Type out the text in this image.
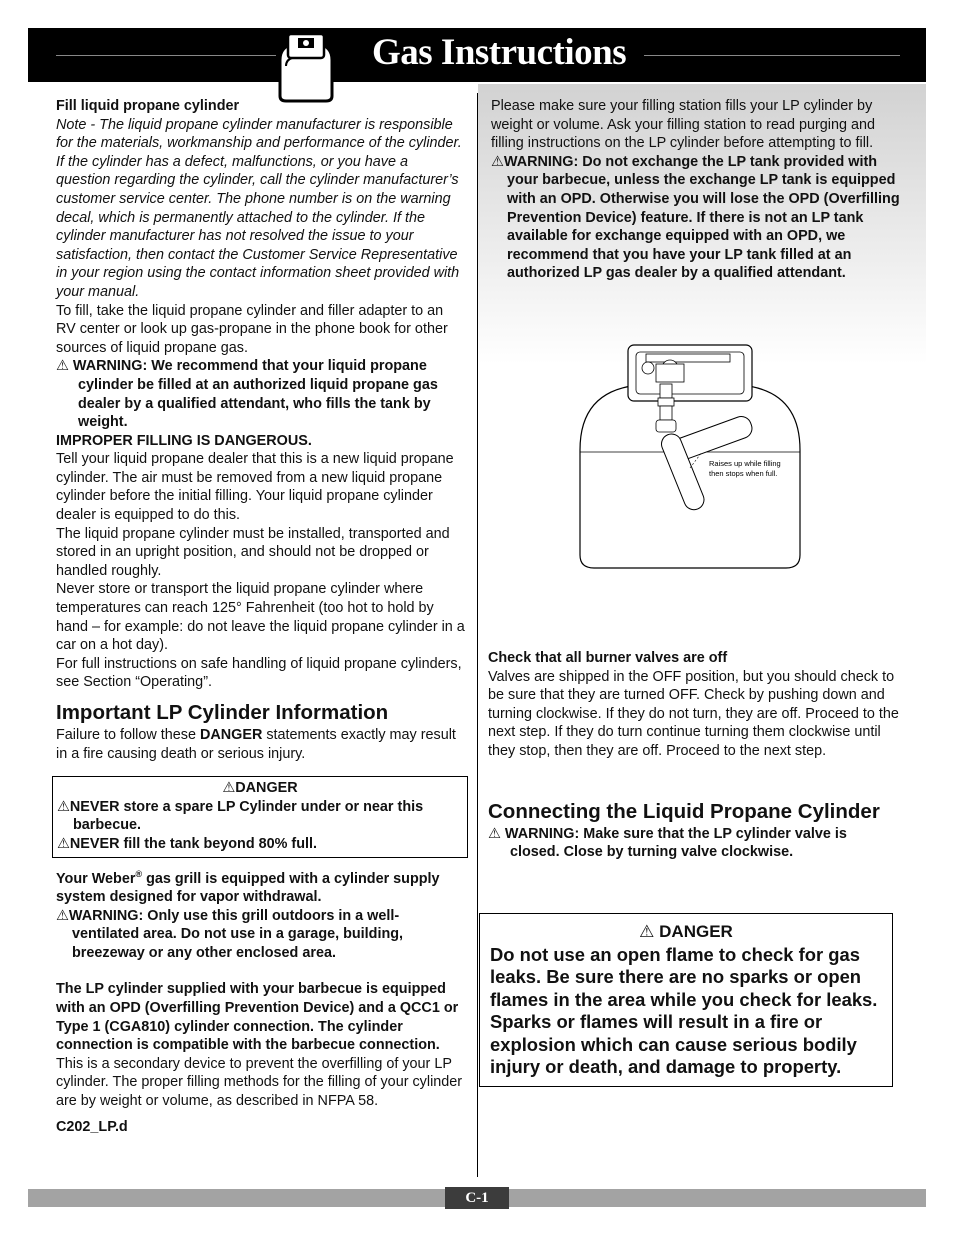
Gas Instructions

Fill liquid propane cylinder

Note - The liquid propane cylinder manufacturer is responsible for the materials, workmanship and performance of the cylinder. If the cylinder has a defect, malfunctions, or you have a question regarding the cylinder, call the cylinder manufacturer’s customer service center. The phone number is on the warning decal, which is permanently attached to the cylinder. If the cylinder manufacturer has not resolved the issue to your satisfaction, then contact the Customer Service Representative in your region using the contact information sheet provided with your manual.

To fill, take the liquid propane cylinder and filler adapter to an RV center or look up gas-propane in the phone book for other sources of liquid propane gas.

⚠ WARNING: We recommend that your liquid propane cylinder be filled at an authorized liquid propane gas dealer by a qualified attendant, who fills the tank by weight.

IMPROPER FILLING IS DANGEROUS.

Tell your liquid propane dealer that this is a new liquid propane cylinder. The air must be removed from a new liquid propane cylinder before the initial filling. Your liquid propane cylinder dealer is equipped to do this.

The liquid propane cylinder must be installed, transported and stored in an upright position, and should not be dropped or handled roughly.

Never store or transport the liquid propane cylinder where temperatures can reach 125° Fahrenheit (too hot to hold by hand – for example: do not leave the liquid propane cylinder in a car on a hot day).

For full instructions on safe handling of liquid propane cylinders, see Section “Operating”.

Important LP Cylinder Information

Failure to follow these DANGER statements exactly may result in a fire causing death or serious injury.

⚠DANGER

⚠NEVER store a spare LP Cylinder under or near this barbecue.

⚠NEVER fill the tank beyond 80% full.

Your Weber® gas grill is equipped with a cylinder supply system designed for vapor withdrawal.

⚠WARNING: Only use this grill outdoors in a well-ventilated area. Do not use in a garage, building, breezeway or any other enclosed area.

The LP cylinder supplied with your barbecue is equipped with an OPD (Overfilling Prevention Device) and a QCC1 or Type 1 (CGA810) cylinder connection. The cylinder connection is compatible with the barbecue connection.

This is a secondary device to prevent the overfilling of your LP cylinder. The proper filling methods for the filling of your cylinder are by weight or volume, as described in NFPA 58.

C202_LP.d

Please make sure your filling station fills your LP cylinder by weight or volume. Ask your filling station to read purging and filling instructions on the LP cylinder before attempting to fill.

⚠WARNING: Do not exchange the LP tank provided with your barbecue, unless the exchange LP tank is equipped with an OPD. Otherwise you will lose the OPD (Overfilling Prevention Device) feature. If there is not an LP tank available for exchange equipped with an OPD, we recommend that you have your LP tank filled at an authorized LP gas dealer by a qualified attendant.

Raises up while filling
then stops when full.

Check that all burner valves are off

Valves are shipped in the OFF position, but you should check to be sure that they are turned OFF. Check by pushing down and turning clockwise. If they do not turn, they are off. Proceed to the next step. If they do turn continue turning them clockwise until they stop, then they are off. Proceed to the next step.

Connecting the Liquid Propane Cylinder

⚠ WARNING: Make sure that the LP cylinder valve is closed. Close by turning valve clockwise.

⚠ DANGER

Do not use an open flame to check for gas leaks. Be sure there are no sparks or open flames in the area while you check for leaks. Sparks or flames will result in a fire or explosion which can cause serious bodily injury or death, and damage to property.

C-1
